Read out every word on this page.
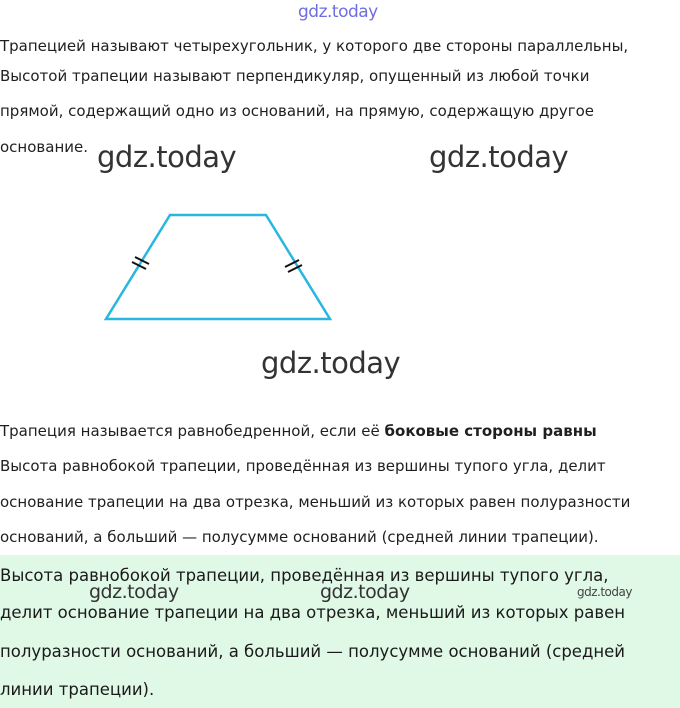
gdz.today
Трапецией называют четырехугольник, у которого две стороны параллельны,
Высотой трапеции называют перпендикуляр, опущенный из любой точки
прямой, содержащий одно из оснований, на прямую, содержащую другое
основание. gdz.today	gdz.today
gdz.today
Трапеция называется равнобедренной, если её боковые стороны равны
Высота равнобокой трапеции, проведённая из вершины тупого угла, делит
основание трапеции на два отрезка, меньший из которых равен полуразности
оснований, а больший — полусумме оснований (средней линии трапеции).
Высота равнобокой трапеции, проведённая из вершины тупого угла,
gdz.today	gdz.today	gdz.today
делит основание трапеции на два отрезка, меньший из которых равен
полуразности оснований, а больший — полусумме оснований (средней
линии трапеции).
